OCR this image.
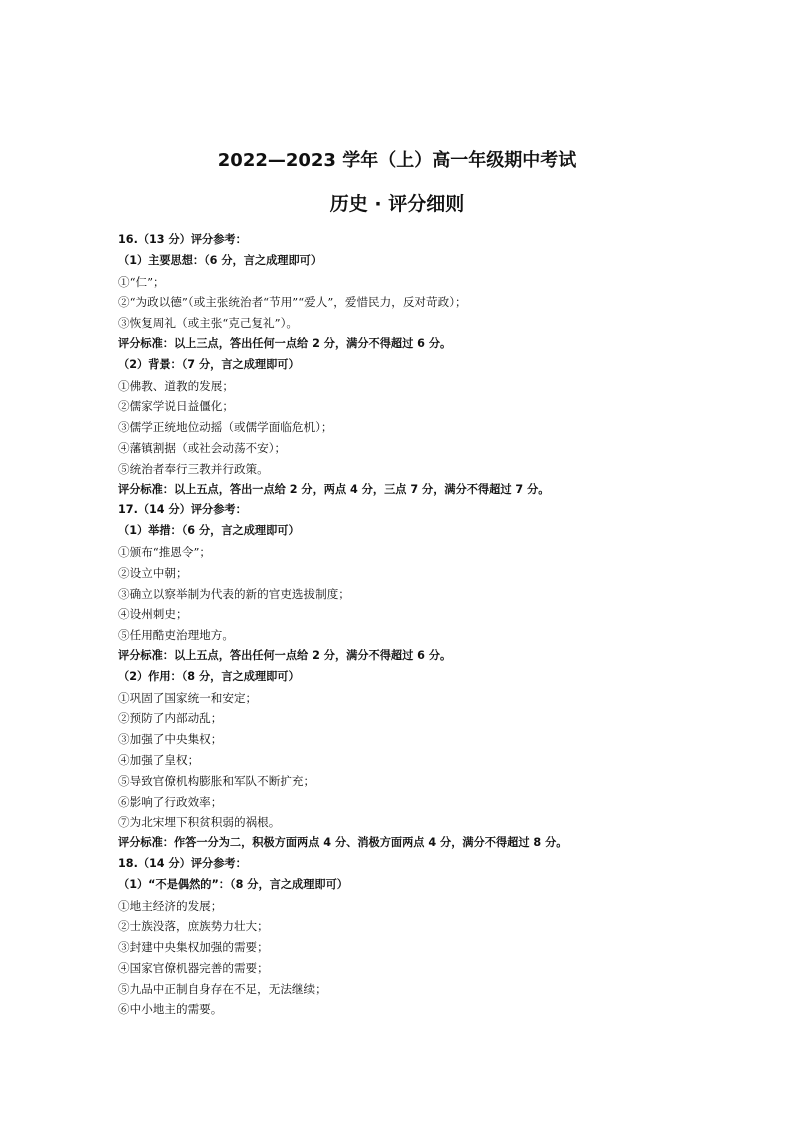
2022—2023 学年（上）高一年级期中考试
历史 · 评分细则
16.（13 分）评分参考：
（1）主要思想：（6 分，言之成理即可）
①“仁”；
②“为政以德”（或主张统治者“节用”“爱人”，爱惜民力，反对苛政）；
③恢复周礼（或主张“克己复礼”）。
评分标准：以上三点，答出任何一点给 2 分，满分不得超过 6 分。
（2）背景：（7 分，言之成理即可）
①佛教、道教的发展；
②儒家学说日益僵化；
③儒学正统地位动摇（或儒学面临危机）；
④藩镇割据（或社会动荡不安）；
⑤统治者奉行三教并行政策。
评分标准：以上五点，答出一点给 2 分，两点 4 分，三点 7 分，满分不得超过 7 分。
17.（14 分）评分参考：
（1）举措：（6 分，言之成理即可）
①颁布“推恩令”；
②设立中朝；
③确立以察举制为代表的新的官吏选拔制度；
④设州刺史；
⑤任用酷吏治理地方。
评分标准：以上五点，答出任何一点给 2 分，满分不得超过 6 分。
（2）作用：（8 分，言之成理即可）
①巩固了国家统一和安定；
②预防了内部动乱；
③加强了中央集权；
④加强了皇权；
⑤导致官僚机构膨胀和军队不断扩充；
⑥影响了行政效率；
⑦为北宋埋下积贫积弱的祸根。
评分标准：作答一分为二，积极方面两点 4 分、消极方面两点 4 分，满分不得超过 8 分。
18.（14 分）评分参考：
（1）“不是偶然的”：（8 分，言之成理即可）
①地主经济的发展；
②士族没落，庶族势力壮大；
③封建中央集权加强的需要；
④国家官僚机器完善的需要；
⑤九品中正制自身存在不足，无法继续；
⑥中小地主的需要。
